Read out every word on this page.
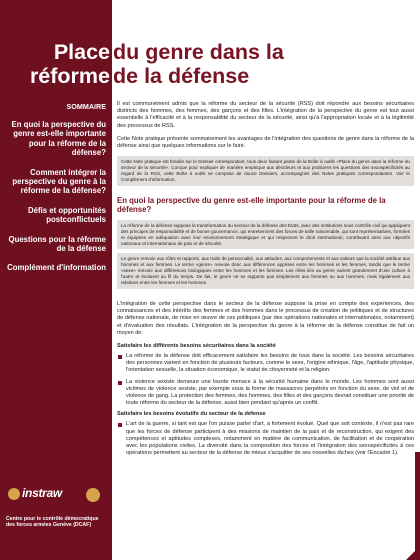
Place du genre dans la
réforme de la défense
SOMMAIRE
En quoi la perspective du genre est-elle importante pour la réforme de la défense?
Comment intégrer la perspective du genre à la réforme de la défense?
Défis et opportunités postconflictuels
Questions pour la réforme de la défense
Complément d'information
instraw
Centre pour le contrôle démocratique des forces armées Genève (DCAF)

Il est communément admis que la réforme du secteur de la sécurité (RSS) doit répondre aux besoins sécuritaires distincts des hommes, des femmes, des garçons et des filles. L'intégration de la perspective du genre est tout aussi essentielle à l'efficacité et à la responsabilité du secteur de la sécurité, ainsi qu'à l'appropriation locale et à la légitimité des processus de RSS.

Cette Note pratique présente sommairement les avantages de l'intégration des questions de genre dans la réforme de la défense ainsi que quelques informations sur le faire.

Cette Note pratique est fondée sur le Dossier correspondant, tous deux faisant partie de la Boîte à outils «Place du genre dans la réforme du secteur de la sécurité». Conçue pour expliquer de manière empirique aux décideurs et aux praticiens les questions des sexospécificités au regard de la RSS, cette Boîte à outils se compose de douze Dossiers, accompagnés des Notes pratiques correspondantes. Voir le Complément d'information.
En quoi la perspective du genre est-elle importante pour la réforme de la défense?
La réforme de la défense suppose la transformation du secteur de la défense des États, avec des institutions sous contrôle civil qui appliquent des principes de responsabilité et de bonne gouvernance, qui entretiennent des forces de taille raisonnable, qui sont représentatives, formées et équipées en adéquation avec leur environnement stratégique et qui respectent le droit international, contribuant ainsi aux objectifs nationaux et internationaux de paix et de sécurité.
Le genre renvoie aux rôles et rapports, aux traits de personnalité, aux attitudes, aux comportements et aux valeurs que la société attribue aux hommes et aux femmes. Le terme «genre» renvoie donc aux différences apprises entre les hommes et les femmes, tandis que le terme «sexe» renvoie aux différences biologiques entre les hommes et les femmes. Les rôles liés au genre varient grandement d'une culture à l'autre et évoluent au fil du temps. De fait, le genre ne se rapporte pas simplement aux femmes ou aux hommes, mais également aux relations entre les femmes et les hommes.

L'intégration de cette perspective dans le secteur de la défense suppose la prise en compte des expériences, des connaissances et des intérêts des femmes et des hommes dans le processus de création de politiques et de structures de défense nationale, de mise en œuvre de ces politiques (par des opérations nationales et internationales, notamment) et d'évaluation des résultats. L'intégration de la perspective du genre à la réforme de la défense constitue de fait un moyen de:

Satisfaire les différents besoins sécuritaires dans la société
La réforme de la défense doit efficacement satisfaire les besoins de tous dans la société. Les besoins sécuritaires des personnes varient en fonction de plusieurs facteurs, comme le sexe, l'origine ethnique, l'âge, l'aptitude physique, l'orientation sexuelle, la situation économique, le statut de citoyenneté et la religion.
La violence sexiste demeure une lourde menace à la sécurité humaine dans le monde. Les hommes sont aussi victimes de violence sexiste, par exemple sous la forme de massacres perpétrés en fonction du sexe, de viol et de violence de gang. La protection des femmes, des hommes, des filles et des garçons devrait constituer une priorité de toute réforme du secteur de la défense, aussi bien pendant qu'après un conflit.
Satisfaire les besoins évolutifs du secteur de la défense
L'art de la guerre, si tant est que l'on puisse parler d'art, a fortement évolué. Quel que soit contexte, il n'est pas rare que les forces de défense participent à des missions de maintien de la paix et de reconstruction, qui exigent des compétences et aptitudes complexes, notamment en matière de communication, de facilitation et de coopération avec les populations civiles. La diversité dans la composition des forces et l'intégration des sexospécificités à ces opérations permettent au secteur de la défense de mieux s'acquitter de ses nouvelles tâches (voir l'Encadré 1).
